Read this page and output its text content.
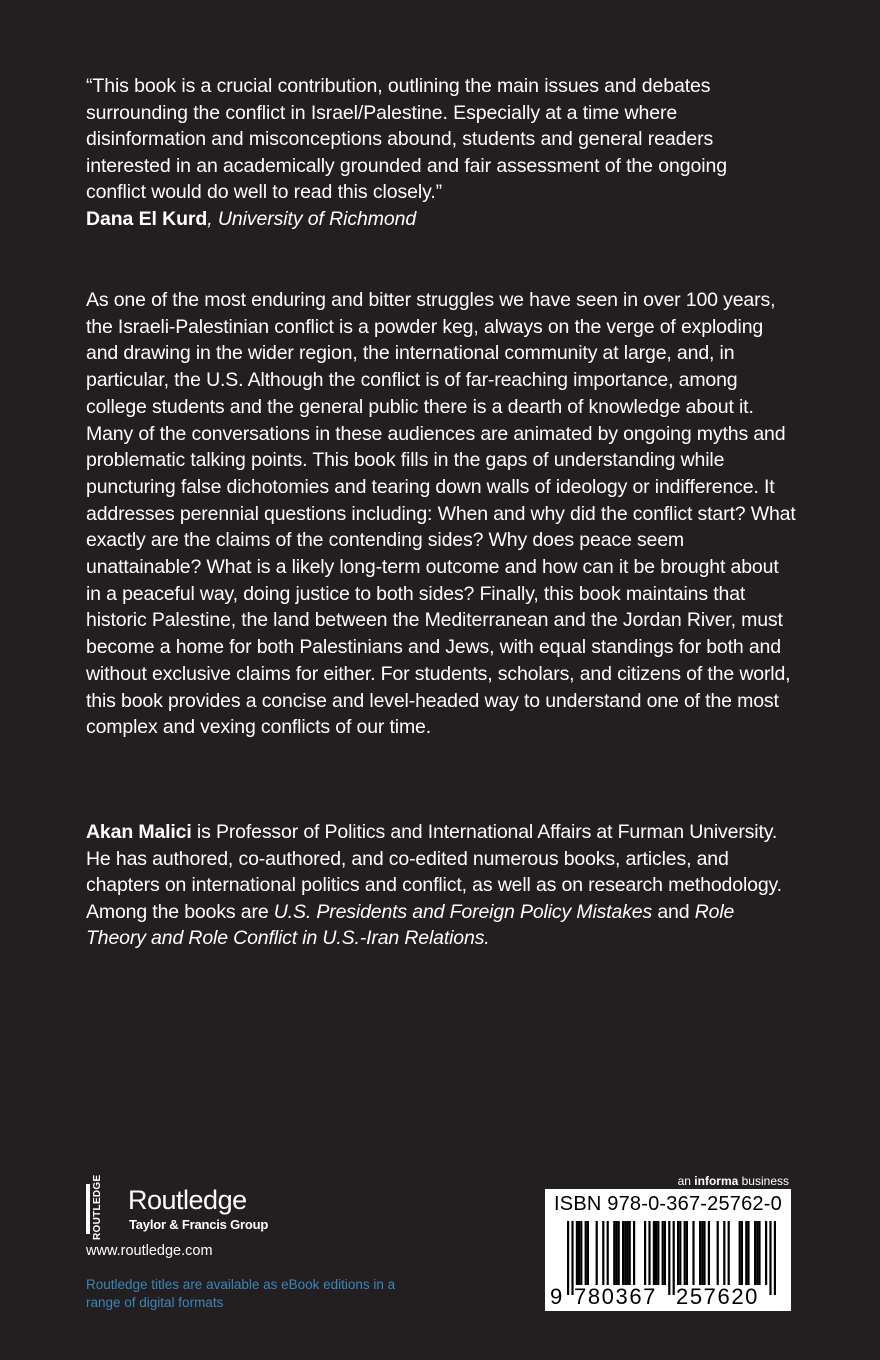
“This book is a crucial contribution, outlining the main issues and debates surrounding the conflict in Israel/Palestine. Especially at a time where disinformation and misconceptions abound, students and general readers interested in an academically grounded and fair assessment of the ongoing conflict would do well to read this closely.”

Dana El Kurd, University of Richmond

As one of the most enduring and bitter struggles we have seen in over 100 years, the Israeli-Palestinian conflict is a powder keg, always on the verge of exploding and drawing in the wider region, the international community at large, and, in particular, the U.S. Although the conflict is of far-reaching importance, among college students and the general public there is a dearth of knowledge about it. Many of the conversations in these audiences are animated by ongoing myths and problematic talking points. This book fills in the gaps of understanding while puncturing false dichotomies and tearing down walls of ideology or indifference. It addresses perennial questions including: When and why did the conflict start? What exactly are the claims of the contending sides? Why does peace seem unattainable? What is a likely long-term outcome and how can it be brought about in a peaceful way, doing justice to both sides? Finally, this book maintains that historic Palestine, the land between the Mediterranean and the Jordan River, must become a home for both Palestinians and Jews, with equal standings for both and without exclusive claims for either. For students, scholars, and citizens of the world, this book provides a concise and level-headed way to understand one of the most complex and vexing conflicts of our time.

Akan Malici is Professor of Politics and International Affairs at Furman University. He has authored, co-authored, and co-edited numerous books, articles, and chapters on international politics and conflict, as well as on research methodology. Among the books are U.S. Presidents and Foreign Policy Mistakes and Role Theory and Role Conflict in U.S.-Iran Relations.

ROUTLEDGE Routledge
Taylor & Francis Group
www.routledge.com
Routledge titles are available as eBook editions in a range of digital formats
an informa business
ISBN 978-0-367-25762-0
9 780367 257620
